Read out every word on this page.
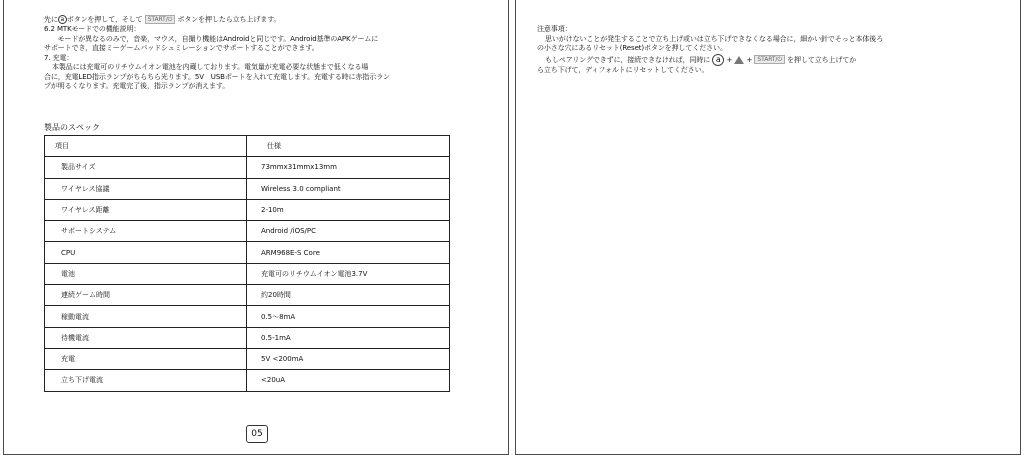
先に a ボタンを押して，そして START/⏻ ボタンを押したら立ち上げます。
6.2 MTKモードでの機能説明：
　　モードが異なるのみで，音楽，マウス，自撮り機能はAndroidと同じです。Android基準のAPKゲームに
サポートでき，直接ミーゲームパッドシュミレーションでサポートすることができます。
7. 充電：
本製品には充電可のリチウムイオン電池を内蔵しております。電気量が充電必要な状態まで低くなる場
合に，充電LED指示ランプがちらちら光ります。5V　USBポートを入れて充電します。充電する時に赤指示ラン
プが明るくなります。充電完了後，指示ランプが消えます。
製品のスペック
項目	仕様
製品サイズ	73mmx31mmx13mm
ワイヤレス協議	Wireless 3.0 compliant
ワイヤレス距離	2-10m
サポートシステム	Android /iOS/PC
CPU	ARM968E-S Core
電池	充電可のリチウムイオン電池3.7V
連続ゲーム時間	約20時間
稼動電流	0.5～8mA
待機電流	0.5-1mA
充電	5V <200mA
立ち下げ電流	<20uA
05
注意事項：
思いがけないことが発生することで立ち上げ或いは立ち下げできなくなる場合に，細かい針でそっと本体後ろ
の小さな穴にあるリセット(Reset)ボタンを押してください。
もしペアリングできずに，接続できなければ，同時に a + + START/⏻ を押して立ち上げてか
ら立ち下げて，ディフォルトにリセットしてください。
